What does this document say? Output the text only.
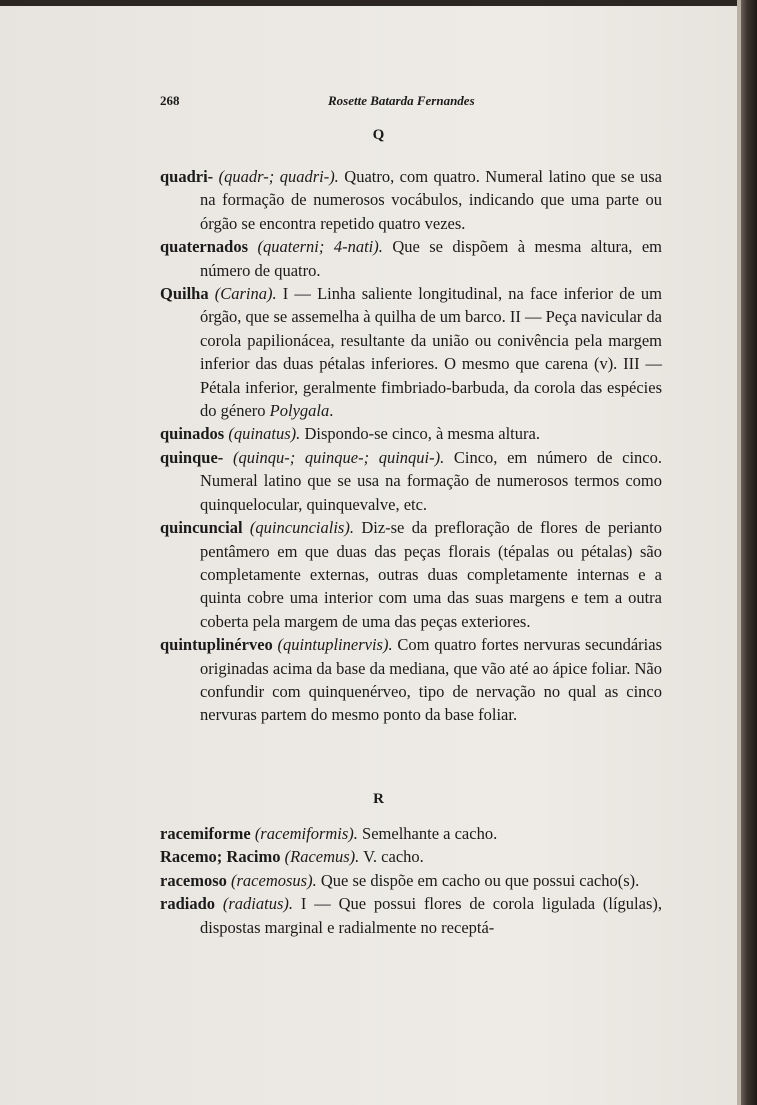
268	Rosette Batarda Fernandes
Q
quadri- (quadr-; quadri-). Quatro, com quatro. Numeral latino que se usa na formação de numerosos vocábulos, indicando que uma parte ou órgão se encontra repetido quatro vezes.
quaternados (quaterni; 4-nati). Que se dispõem à mesma altura, em número de quatro.
Quilha (Carina). I — Linha saliente longitudinal, na face inferior de um órgão, que se assemelha à quilha de um barco. II — Peça navicular da corola papilionácea, resultante da união ou conivência pela margem inferior das duas pétalas inferiores. O mesmo que carena (v). III — Pétala inferior, geralmente fimbriado-barbuda, da corola das espécies do género Polygala.
quinados (quinatus). Dispondo-se cinco, à mesma altura.
quinque- (quinqu-; quinque-; quinqui-). Cinco, em número de cinco. Numeral latino que se usa na formação de numerosos termos como quinquelocular, quinquevalve, etc.
quincuncial (quincuncialis). Diz-se da prefloração de flores de perianto pentâmero em que duas das peças florais (tépalas ou pétalas) são completamente externas, outras duas completamente internas e a quinta cobre uma interior com uma das suas margens e tem a outra coberta pela margem de uma das peças exteriores.
quintuplinérveo (quintuplinervis). Com quatro fortes nervuras secundárias originadas acima da base da mediana, que vão até ao ápice foliar. Não confundir com quinquenérveo, tipo de nervação no qual as cinco nervuras partem do mesmo ponto da base foliar.
R
racemiforme (racemiformis). Semelhante a cacho.
Racemo; Racimo (Racemus). V. cacho.
racemoso (racemosus). Que se dispõe em cacho ou que possui cacho(s).
radiado (radiatus). I — Que possui flores de corola ligulada (lígulas), dispostas marginal e radialmente no receptá-
